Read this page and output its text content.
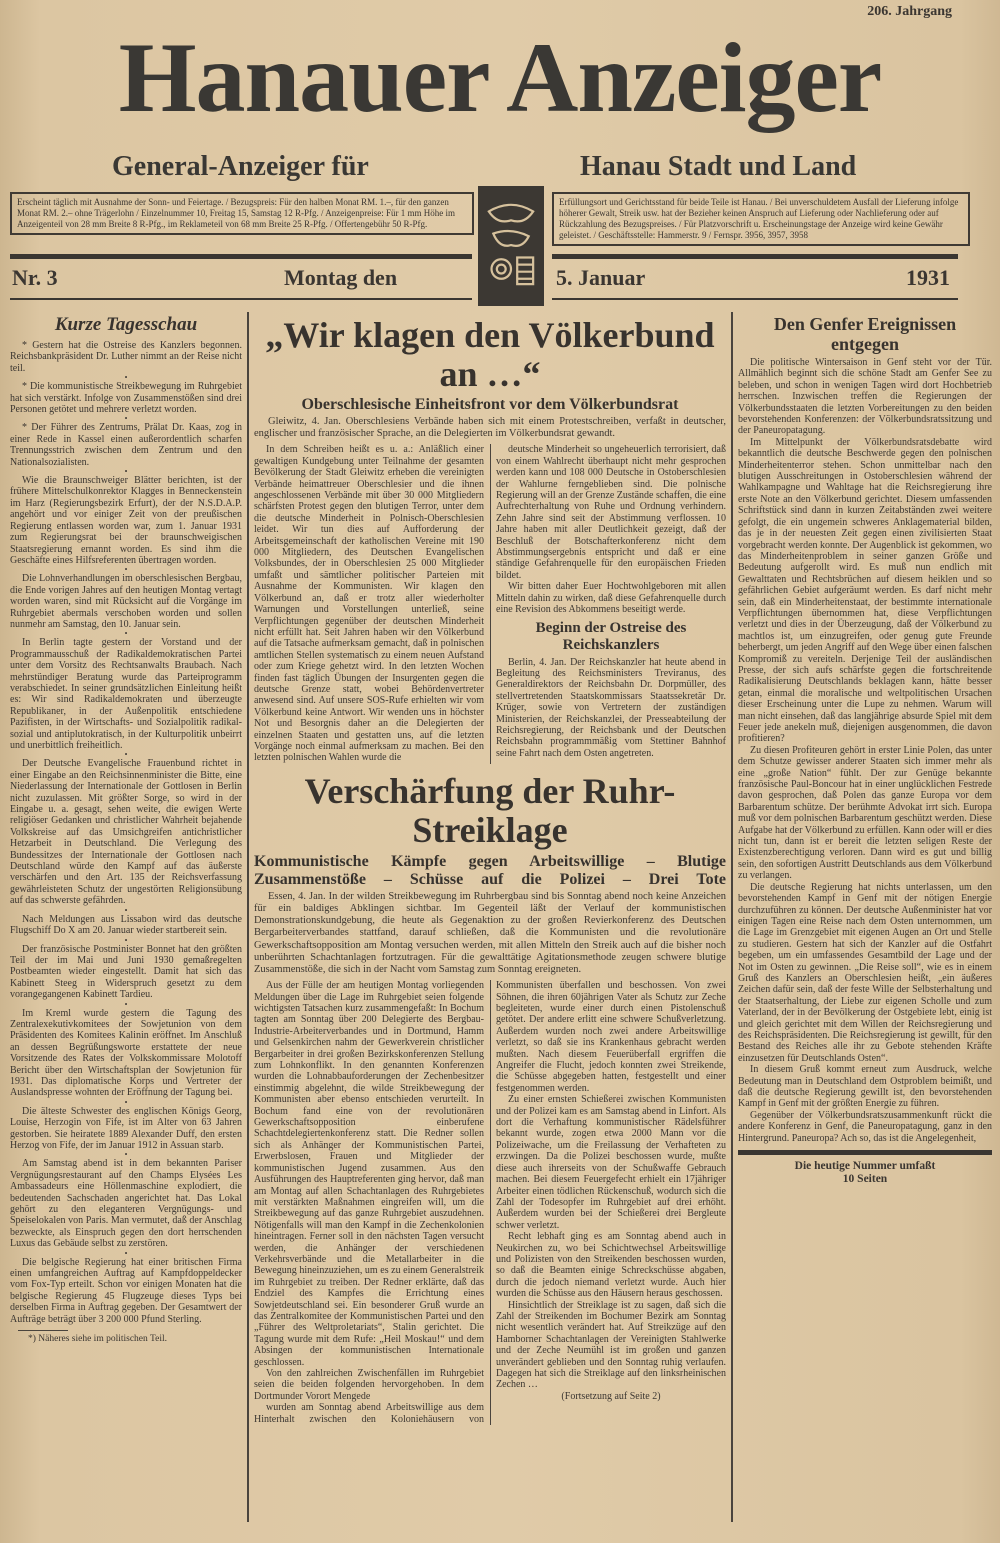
206. Jahrgang
Hanauer Anzeiger
General-Anzeiger für	Hanau Stadt und Land
Erscheint täglich mit Ausnahme der Sonn- und Feiertage. / Bezugspreis: Für den halben Monat RM. 1.–, für den ganzen Monat RM. 2.– ohne Trägerlohn / Einzelnummer 10, Freitag 15, Samstag 12 R-Pfg. / Anzeigenpreise: Für 1 mm Höhe im Anzeigenteil von 28 mm Breite 8 R-Pfg., im Reklameteil von 68 mm Breite 25 R-Pfg. / Offertengebühr 50 R-Pfg.
Erfüllungsort und Gerichtsstand für beide Teile ist Hanau. / Bei unverschuldetem Ausfall der Lieferung infolge höherer Gewalt, Streik usw. hat der Bezieher keinen Anspruch auf Lieferung oder Nachlieferung oder auf Rückzahlung des Bezugspreises. / Für Platzvorschrift u. Erscheinungstage der Anzeige wird keine Gewähr geleistet. / Geschäftsstelle: Hammerstr. 9 / Fernspr. 3956, 3957, 3958
Nr. 3	Montag den	5. Januar	1931
Kurze Tagesschau

* Gestern hat die Ostreise des Kanzlers begonnen. Reichsbankpräsident Dr. Luther nimmt an der Reise nicht teil.

•

* Die kommunistische Streikbewegung im Ruhrgebiet hat sich verstärkt. Infolge von Zusammenstößen sind drei Personen getötet und mehrere verletzt worden.

•

* Der Führer des Zentrums, Prälat Dr. Kaas, zog in einer Rede in Kassel einen außerordentlich scharfen Trennungsstrich zwischen dem Zentrum und den Nationalsozialisten.

•

Wie die Braunschweiger Blätter berichten, ist der frühere Mittelschulkonrektor Klagges in Benneckenstein im Harz (Regierungsbezirk Erfurt), der der N.S.D.A.P. angehört und vor einiger Zeit von der preußischen Regierung entlassen worden war, zum 1. Januar 1931 zum Regierungsrat bei der braunschweigischen Staatsregierung ernannt worden. Es sind ihm die Geschäfte eines Hilfsreferenten übertragen worden.

•

Die Lohnverhandlungen im oberschlesischen Bergbau, die Ende vorigen Jahres auf den heutigen Montag vertagt worden waren, sind mit Rücksicht auf die Vorgänge im Ruhrgebiet abermals verschoben worden und sollen nunmehr am Samstag, den 10. Januar sein.

•

In Berlin tagte gestern der Vorstand und der Programmausschuß der Radikaldemokratischen Partei unter dem Vorsitz des Rechtsanwalts Braubach. Nach mehrstündiger Beratung wurde das Parteiprogramm verabschiedet. In seiner grundsätzlichen Einleitung heißt es: Wir sind Radikaldemokraten und überzeugte Republikaner, in der Außenpolitik entschiedene Pazifisten, in der Wirtschafts- und Sozialpolitik radikal-sozial und antiplutokratisch, in der Kulturpolitik unbeirrt und unerbittlich freiheitlich.

•

Der Deutsche Evangelische Frauenbund richtet in einer Eingabe an den Reichsinnenminister die Bitte, eine Niederlassung der Internationale der Gottlosen in Berlin nicht zuzulassen. Mit größter Sorge, so wird in der Eingabe u. a. gesagt, sehen weite, die ewigen Werte religiöser Gedanken und christlicher Wahrheit bejahende Volkskreise auf das Umsichgreifen antichristlicher Hetzarbeit in Deutschland. Die Verlegung des Bundessitzes der Internationale der Gottlosen nach Deutschland würde den Kampf auf das äußerste verschärfen und den Art. 135 der Reichsverfassung gewährleisteten Schutz der ungestörten Religionsübung auf das schwerste gefährden.

•

Nach Meldungen aus Lissabon wird das deutsche Flugschiff Do X am 20. Januar wieder startbereit sein.

•

Der französische Postminister Bonnet hat den größten Teil der im Mai und Juni 1930 gemaßregelten Postbeamten wieder eingestellt. Damit hat sich das Kabinett Steeg in Widerspruch gesetzt zu dem vorangegangenen Kabinett Tardieu.

•

Im Kreml wurde gestern die Tagung des Zentralexekutivkomitees der Sowjetunion von dem Präsidenten des Komitees Kalinin eröffnet. Im Anschluß an dessen Begrüßungsworte erstattete der neue Vorsitzende des Rates der Volkskommissare Molotoff Bericht über den Wirtschaftsplan der Sowjetunion für 1931. Das diplomatische Korps und Vertreter der Auslandspresse wohnten der Eröffnung der Tagung bei.

•

Die älteste Schwester des englischen Königs Georg, Louise, Herzogin von Fife, ist im Alter von 63 Jahren gestorben. Sie heiratete 1889 Alexander Duff, den ersten Herzog von Fife, der im Januar 1912 in Assuan starb.

•

Am Samstag abend ist in dem bekannten Pariser Vergnügungsrestaurant auf den Champs Elysées Les Ambassadeurs eine Höllenmaschine explodiert, die bedeutenden Sachschaden angerichtet hat. Das Lokal gehört zu den eleganteren Vergnügungs- und Speiselokalen von Paris. Man vermutet, daß der Anschlag bezweckte, als Einspruch gegen den dort herrschenden Luxus das Gebäude selbst zu zerstören.

•

Die belgische Regierung hat einer britischen Firma einen umfangreichen Auftrag auf Kampfdoppeldecker vom Fox-Typ erteilt. Schon vor einigen Monaten hat die belgische Regierung 45 Flugzeuge dieses Typs bei derselben Firma in Auftrag gegeben. Der Gesamtwert der Aufträge beträgt über 3 200 000 Pfund Sterling.

*) Näheres siehe im politischen Teil.
„Wir klagen den Völkerbund an …“
Oberschlesische Einheitsfront vor dem Völkerbundsrat

Gleiwitz, 4. Jan. Oberschlesiens Verbände haben sich mit einem Protestschreiben, verfaßt in deutscher, englischer und französischer Sprache, an die Delegierten im Völkerbundsrat gewandt.

In dem Schreiben heißt es u. a.: Anläßlich einer gewaltigen Kundgebung unter Teilnahme der gesamten Bevölkerung der Stadt Gleiwitz erheben die vereinigten Verbände heimattreuer Oberschlesier und die ihnen angeschlossenen Verbände mit über 30 000 Mitgliedern schärfsten Protest gegen den blutigen Terror, unter dem die deutsche Minderheit in Polnisch-Oberschlesien leidet. Wir tun dies auf Aufforderung der Arbeitsgemeinschaft der katholischen Vereine mit 190 000 Mitgliedern, des Deutschen Evangelischen Volksbundes, der in Oberschlesien 25 000 Mitglieder umfaßt und sämtlicher politischer Parteien mit Ausnahme der Kommunisten. Wir klagen den Völkerbund an, daß er trotz aller wiederholter Warnungen und Vorstellungen unterließ, seine Verpflichtungen gegenüber der deutschen Minderheit nicht erfüllt hat. Seit Jahren haben wir den Völkerbund auf die Tatsache aufmerksam gemacht, daß in polnischen amtlichen Stellen systematisch zu einem neuen Aufstand oder zum Kriege gehetzt wird. In den letzten Wochen finden fast täglich Übungen der Insurgenten gegen die deutsche Grenze statt, wobei Behördenvertreter anwesend sind. Auf unsere SOS-Rufe erhielten wir vom Völkerbund keine Antwort. Wir wenden uns in höchster Not und Besorgnis daher an die Delegierten der einzelnen Staaten und gestatten uns, auf die letzten Vorgänge noch einmal aufmerksam zu machen. Bei den letzten polnischen Wahlen wurde die

deutsche Minderheit so ungeheuerlich terrorisiert, daß von einem Wahlrecht überhaupt nicht mehr gesprochen werden kann und 108 000 Deutsche in Ostoberschlesien der Wahlurne ferngeblieben sind. Die polnische Regierung will an der Grenze Zustände schaffen, die eine Aufrechterhaltung von Ruhe und Ordnung verhindern. Zehn Jahre sind seit der Abstimmung verflossen. 10 Jahre haben mit aller Deutlichkeit gezeigt, daß der Beschluß der Botschafterkonferenz nicht dem Abstimmungsergebnis entspricht und daß er eine ständige Gefahrenquelle für den europäischen Frieden bildet.

Wir bitten daher Euer Hochtwohlgeboren mit allen Mitteln dahin zu wirken, daß diese Gefahrenquelle durch eine Revision des Abkommens beseitigt werde.

Beginn der Ostreise des Reichskanzlers

Berlin, 4. Jan. Der Reichskanzler hat heute abend in Begleitung des Reichsministers Treviranus, des Generaldirektors der Reichsbahn Dr. Dorpmüller, des stellvertretenden Staatskommissars Staatssekretär Dr. Krüger, sowie von Vertretern der zuständigen Ministerien, der Reichskanzlei, der Presseabteilung der Reichsregierung, der Reichsbank und der Deutschen Reichsbahn programmmäßig vom Stettiner Bahnhof seine Fahrt nach dem Osten angetreten.

Verschärfung der Ruhr-Streiklage
Kommunistische Kämpfe gegen Arbeitswillige – Blutige Zusammenstöße – Schüsse auf die Polizei – Drei Tote

Essen, 4. Jan. In der wilden Streikbewegung im Ruhrbergbau sind bis Sonntag abend noch keine Anzeichen für ein baldiges Abklingen sichtbar. Im Gegenteil läßt der Verlauf der kommunistischen Demonstrationskundgebung, die heute als Gegenaktion zu der großen Revierkonferenz des Deutschen Bergarbeiterverbandes stattfand, darauf schließen, daß die Kommunisten und die revolutionäre Gewerkschaftsopposition am Montag versuchen werden, mit allen Mitteln den Streik auch auf die bisher noch unberührten Schachtanlagen fortzutragen. Für die gewalttätige Agitationsmethode zeugen schwere blutige Zusammenstöße, die sich in der Nacht vom Samstag zum Sonntag ereigneten.

Aus der Fülle der am heutigen Montag vorliegenden Meldungen über die Lage im Ruhrgebiet seien folgende wichtigsten Tatsachen kurz zusammengefaßt: In Bochum tagten am Sonntag über 200 Delegierte des Bergbau-Industrie-Arbeiterverbandes und in Dortmund, Hamm und Gelsenkirchen nahm der Gewerkverein christlicher Bergarbeiter in drei großen Bezirkskonferenzen Stellung zum Lohnkonflikt. In den genannten Konferenzen wurden die Lohnabbauforderungen der Zechenbesitzer einstimmig abgelehnt, die wilde Streikbewegung der Kommunisten aber ebenso entschieden verurteilt. In Bochum fand eine von der revolutionären Gewerkschaftsopposition einberufene Schachtdelegiertenkonferenz statt. Die Redner sollen sich als Anhänger der Kommunistischen Partei, Erwerbslosen, Frauen und Mitglieder der kommunistischen Jugend zusammen. Aus den Ausführungen des Hauptreferenten ging hervor, daß man am Montag auf allen Schachtanlagen des Ruhrgebietes mit verstärkten Maßnahmen eingreifen will, um die Streikbewegung auf das ganze Ruhrgebiet auszudehnen. Nötigenfalls will man den Kampf in die Zechenkolonien hineintragen. Ferner soll in den nächsten Tagen versucht werden, die Anhänger der verschiedenen Verkehrsverbände und die Metallarbeiter in die Bewegung hineinzuziehen, um es zu einem Generalstreik im Ruhrgebiet zu treiben. Der Redner erklärte, daß das Endziel des Kampfes die Errichtung eines Sowjetdeutschland sei. Ein besonderer Gruß wurde an das Zentralkomitee der Kommunistischen Partei und den „Führer des Weltproletariats“, Stalin gerichtet. Die Tagung wurde mit dem Rufe: „Heil Moskau!“ und dem Absingen der kommunistischen Internationale geschlossen.

Von den zahlreichen Zwischenfällen im Ruhrgebiet seien die beiden folgenden hervorgehoben. In dem Dortmunder Vorort Mengede

wurden am Sonntag abend Arbeitswillige aus dem Hinterhalt zwischen den Koloniehäusern von Kommunisten überfallen und beschossen. Von zwei Söhnen, die ihren 60jährigen Vater als Schutz zur Zeche begleiteten, wurde einer durch einen Pistolenschuß getötet. Der andere erlitt eine schwere Schußverletzung. Außerdem wurden noch zwei andere Arbeitswillige verletzt, so daß sie ins Krankenhaus gebracht werden mußten. Nach diesem Feuerüberfall ergriffen die Angreifer die Flucht, jedoch konnten zwei Streikende, die Schüsse abgegeben hatten, festgestellt und einer festgenommen werden.

Zu einer ernsten Schießerei zwischen Kommunisten und der Polizei kam es am Samstag abend in Linfort. Als dort die Verhaftung kommunistischer Rädelsführer bekannt wurde, zogen etwa 2000 Mann vor die Polizeiwache, um die Freilassung der Verhafteten zu erzwingen. Da die Polizei beschossen wurde, mußte diese auch ihrerseits von der Schußwaffe Gebrauch machen. Bei diesem Feuergefecht erhielt ein 17jähriger Arbeiter einen tödlichen Rückenschuß, wodurch sich die Zahl der Todesopfer im Ruhrgebiet auf drei erhöht. Außerdem wurden bei der Schießerei drei Bergleute schwer verletzt.

Recht lebhaft ging es am Sonntag abend auch in Neukirchen zu, wo bei Schichtwechsel Arbeitswillige und Polizisten von den Streikenden beschossen wurden, so daß die Beamten einige Schreckschüsse abgaben, durch die jedoch niemand verletzt wurde. Auch hier wurden die Schüsse aus den Häusern heraus geschossen.

Hinsichtlich der Streiklage ist zu sagen, daß sich die Zahl der Streikenden im Bochumer Bezirk am Sonntag nicht wesentlich verändert hat. Auf Streikzüge auf den Hamborner Schachtanlagen der Vereinigten Stahlwerke und der Zeche Neumühl ist im großen und ganzen unverändert geblieben und den Sonntag ruhig verlaufen. Dagegen hat sich die Streiklage auf den linksrheinischen Zechen …

(Fortsetzung auf Seite 2)
Den Genfer Ereignissen entgegen

Die politische Wintersaison in Genf steht vor der Tür. Allmählich beginnt sich die schöne Stadt am Genfer See zu beleben, und schon in wenigen Tagen wird dort Hochbetrieb herrschen. Inzwischen treffen die Regierungen der Völkerbundsstaaten die letzten Vorbereitungen zu den beiden bevorstehenden Konferenzen: der Völkerbundsratssitzung und der Paneuropatagung.

Im Mittelpunkt der Völkerbundsratsdebatte wird bekanntlich die deutsche Beschwerde gegen den polnischen Minderheitenterror stehen. Schon unmittelbar nach den blutigen Ausschreitungen in Ostoberschlesien während der Wahlkampagne und Wahltage hat die Reichsregierung ihre erste Note an den Völkerbund gerichtet. Diesem umfassenden Schriftstück sind dann in kurzen Zeitabständen zwei weitere gefolgt, die ein ungemein schweres Anklagematerial bilden, das je in der neuesten Zeit gegen einen zivilisierten Staat vorgebracht werden konnte. Der Augenblick ist gekommen, wo das Minderheitenproblem in seiner ganzen Größe und Bedeutung aufgerollt wird. Es muß nun endlich mit Gewalttaten und Rechtsbrüchen auf diesem heiklen und so gefährlichen Gebiet aufgeräumt werden. Es darf nicht mehr sein, daß ein Minderheitenstaat, der bestimmte internationale Verpflichtungen übernommen hat, diese Verpflichtungen verletzt und dies in der Überzeugung, daß der Völkerbund zu machtlos ist, um einzugreifen, oder genug gute Freunde beherbergt, um jeden Angriff auf den Wege über einen falschen Kompromiß zu vereiteln. Derjenige Teil der ausländischen Presse, der sich aufs schärfste gegen die fortschreitende Radikalisierung Deutschlands beklagen kann, hätte besser getan, einmal die moralische und weltpolitischen Ursachen dieser Erscheinung unter die Lupe zu nehmen. Warum will man nicht einsehen, daß das langjährige absurde Spiel mit dem Feuer jede anekeln muß, diejenigen ausgenommen, die davon profitieren?

Zu diesen Profiteuren gehört in erster Linie Polen, das unter dem Schutze gewisser anderer Staaten sich immer mehr als eine „große Nation“ fühlt. Der zur Genüge bekannte französische Paul-Boncour hat in einer unglücklichen Festrede davon gesprochen, daß Polen das ganze Europa vor dem Barbarentum schütze. Der berühmte Advokat irrt sich. Europa muß vor dem polnischen Barbarentum geschützt werden. Diese Aufgabe hat der Völkerbund zu erfüllen. Kann oder will er dies nicht tun, dann ist er bereit die letzten seligen Reste der Existenzberechtigung verloren. Dann wird es gut und billig sein, den sofortigen Austritt Deutschlands aus dem Völkerbund zu verlangen.

Die deutsche Regierung hat nichts unterlassen, um den bevorstehenden Kampf in Genf mit der nötigen Energie durchzuführen zu können. Der deutsche Außenminister hat vor einigen Tagen eine Reise nach dem Osten unternommen, um die Lage im Grenzgebiet mit eigenen Augen an Ort und Stelle zu studieren. Gestern hat sich der Kanzler auf die Ostfahrt begeben, um ein umfassendes Gesamtbild der Lage und der Not im Osten zu gewinnen. „Die Reise soll“, wie es in einem Gruß des Kanzlers an Oberschlesien heißt, „ein äußeres Zeichen dafür sein, daß der feste Wille der Selbsterhaltung und der Staatserhaltung, der Liebe zur eigenen Scholle und zum Vaterland, der in der Bevölkerung der Ostgebiete lebt, einig ist und gleich gerichtet mit dem Willen der Reichsregierung und des Reichspräsidenten. Die Reichsregierung ist gewillt, für den Bestand des Reiches alle ihr zu Gebote stehenden Kräfte einzusetzen für Deutschlands Osten“.

In diesem Gruß kommt erneut zum Ausdruck, welche Bedeutung man in Deutschland dem Ostproblem beimißt, und daß die deutsche Regierung gewillt ist, den bevorstehenden Kampf in Genf mit der größten Energie zu führen.

Gegenüber der Völkerbundsratszusammenkunft rückt die andere Konferenz in Genf, die Paneuropatagung, ganz in den Hintergrund. Paneuropa? Ach so, das ist die Angelegenheit,

Die heutige Nummer umfaßt
10 Seiten
